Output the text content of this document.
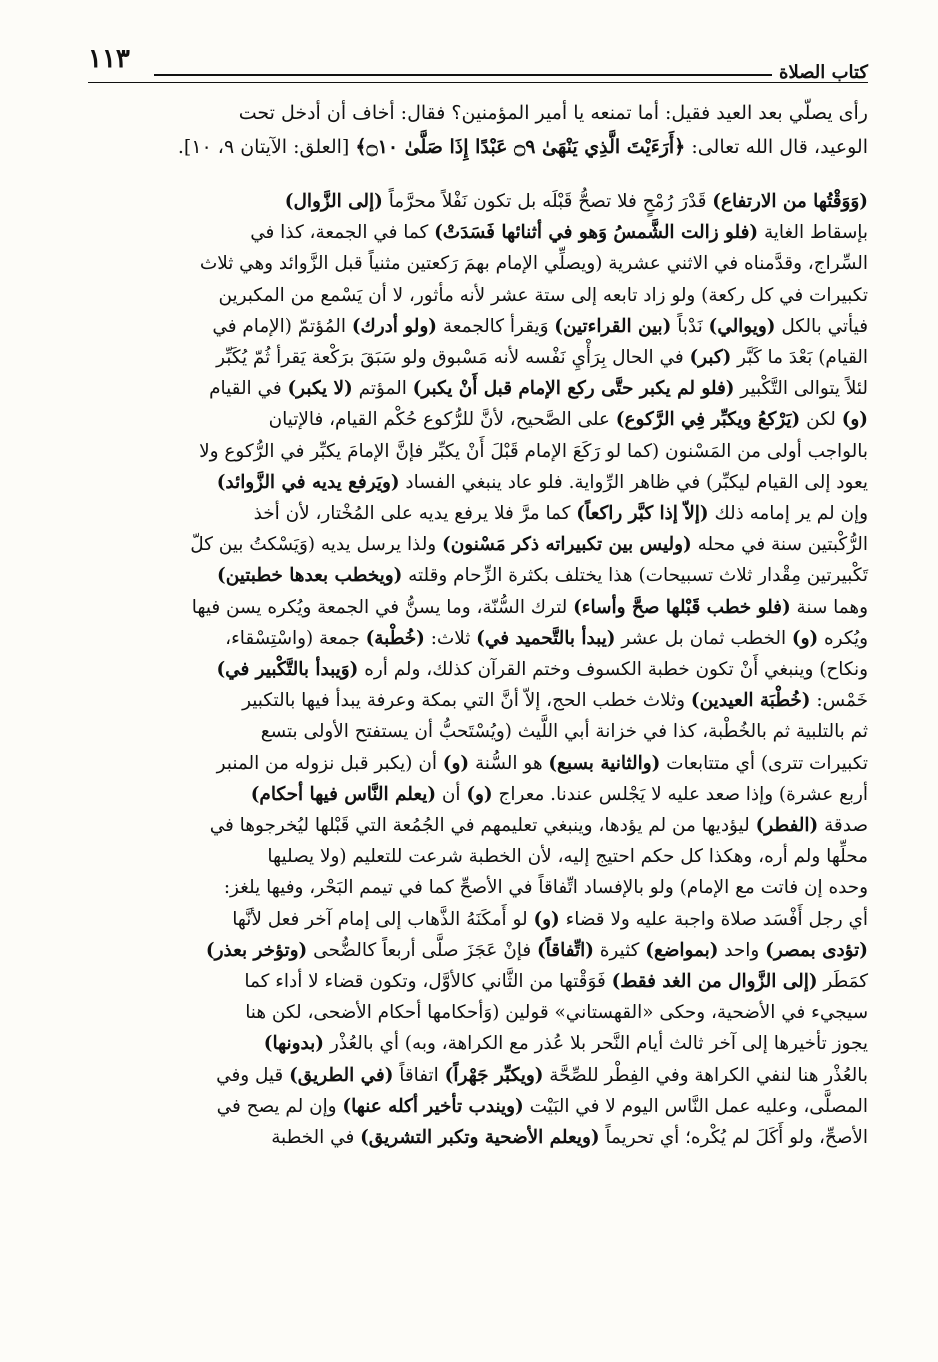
١١٣	كتاب الصلاة
رأى يصلّي بعد العيد فقيل: أما تمنعه يا أمير المؤمنين؟ فقال: أخاف أن أدخل تحت
الوعيد، قال الله تعالى: ﴿أَرَءَيْتَ الَّذِي يَنْهَىٰ ۝٩ عَبْدًا إِذَا صَلَّىٰ ۝١٠﴾ [العلق: الآيتان ٩، ١٠].
(وَوَقْتُها من الارتفاع) قَدْرَ رُمْحٍ فلا تصحُّ قَبْلَه بل تكون نَفْلاً محرَّماً (إلى الزَّوال)
بإسقاط الغاية (فلو زالت الشَّمسُ وَهو في أثنائها فَسَدَتْ) كما في الجمعة، كذا في
السِّراج، وقدَّمناه في الاثني عشرية (ويصلِّي الإمام بهمَ رَكعتين مثنياً قبل الزَّوائد وهي ثلاث
تكبيرات في كل ركعة) ولو زاد تابعه إلى ستة عشر لأنه مأثور، لا أن يَسْمع من المكبرين
فيأتي بالكل (ويوالي) نَدْباً (بين القراءتين) وَيقرأ كالجمعة (ولو أدرك) المُؤتمّ (الإمام في
القيام) بَعْدَ ما كَبَّر (كبر) في الحال بِرَأْيِ نَفْسه لأنه مَسْبوق ولو سَبَقَ برَكْعة يَقرأ ثُمّ يُكَبِّر
لئلاً يتوالى التَّكْبير (فلو لم يكبر حتَّى ركع الإمام قبل أَنْ يكبر) المؤتم (لا يكبر) في القيام
(و) لكن (يَرْكعُ ويكبِّر فِي الرَّكوع) على الصَّحيح، لأنَّ للرُّكوع حُكْم القيام، فالإتيان
بالواجب أولى من المَسْنون (كما لو رَكَعَ الإمام قَبْلَ أَنْ يكبِّر فإنَّ الإمامَ يكبِّر في الرُّكوع ولا
يعود إلى القيام ليكبِّر) في ظاهر الرِّواية. فلو عاد ينبغي الفساد (ويَرفع يديه في الزَّوائد)
وإن لم ير إمامه ذلك (إلاّ إذا كبَّر راكعاً) كما مرَّ فلا يرفع يديه على المُخْتار، لأن أخذ
الرُّكْبتين سنة في محله (وليس بين تكبيراته ذكر مَسْنون) ولذا يرسل يديه (وَيَسْكتُ بين كلّ
تَكْبيرتين مِقْدار ثلاث تسبيحات) هذا يختلف بكثرة الزِّحام وقلته (ويخطب بعدها خطبتين)
وهما سنة (فلو خطب قَبْلها صحَّ وأساء) لترك السُّنّة، وما يسنُّ في الجمعة ويُكره يسن فيها
ويُكره (و) الخطب ثمان بل عشر (يبدأ بالتَّحميد في) ثلاث: (خُطْبة) جمعة (واسْتِسْقاء،
ونكاح) وينبغي أَنْ تكون خطبة الكسوف وختم القرآن كذلك، ولم أره (وَيبدأ بالتَّكْبير في)
خَمْس: (خُطْبَة العيدين) وثلاث خطب الحج، إلاّ أنَّ التي بمكة وعرفة يبدأ فيها بالتكبير
ثم بالتلبية ثم بالخُطْبة، كذا في خزانة أبي اللَّيث (ويُسْتَحبُّ أن يستفتح الأولى بتسع
تكبيرات تترى) أي متتابعات (والثانية بسبع) هو السُّنة (و) أن (يكبر قبل نزوله من المنبر
أربع عشرة) وإذا صعد عليه لا يَجْلس عندنا. معراج (و) أن (يعلم النَّاس فيها أحكام)
صدقة (الفطر) ليؤديها من لم يؤدها، وينبغي تعليمهم في الجُمُعة التي قَبْلها ليُخرجوها في
محلِّها ولم أره، وهكذا كل حكم احتيج إليه، لأن الخطبة شرعت للتعليم (ولا يصليها
وحده إن فاتت مع الإمام) ولو بالإفساد اتِّفاقاً في الأصحِّ كما في تيمم البَحْر، وفيها يلغز:
أي رجل أَفْسَد صلاة واجبة عليه ولا قضاء (و) لو أَمكَنَهُ الذَّهاب إلى إمام آخر فعل لأنَّها
(تؤدى بمصر) واحد (بمواضع) كثيرة (اتِّفاقاً) فإنْ عَجَزَ صلَّى أربعاً كالضُّحى (وتؤخر بعذر)
كمَطَر (إلى الزَّوال من الغد فقط) فَوَقْتها من الثَّاني كالأوَّل، وتكون قضاء لا أداء كما
سيجيء في الأضحية، وحكى «القهستاني» قولين (وَأحكامها أحكام الأضحى، لكن هنا
يجوز تأخيرها إلى آخر ثالث أيام النَّحر بلا عُذر مع الكراهة، وبه) أي بالعُذْر (بدونها)
بالعُذْر هنا لنفي الكراهة وفي الفِطْر للصِّحَّة (ويكبِّر جَهْراً) اتفاقاً (في الطريق) قيل وفي
المصلَّى، وعليه عمل النَّاس اليوم لا في البَيْت (ويندب تأخير أكله عنها) وإن لم يصح في
الأصحِّ، ولو أَكَلَ لم يُكْره؛ أي تحريماً (ويعلم الأضحية وتكبر التشريق) في الخطبة
